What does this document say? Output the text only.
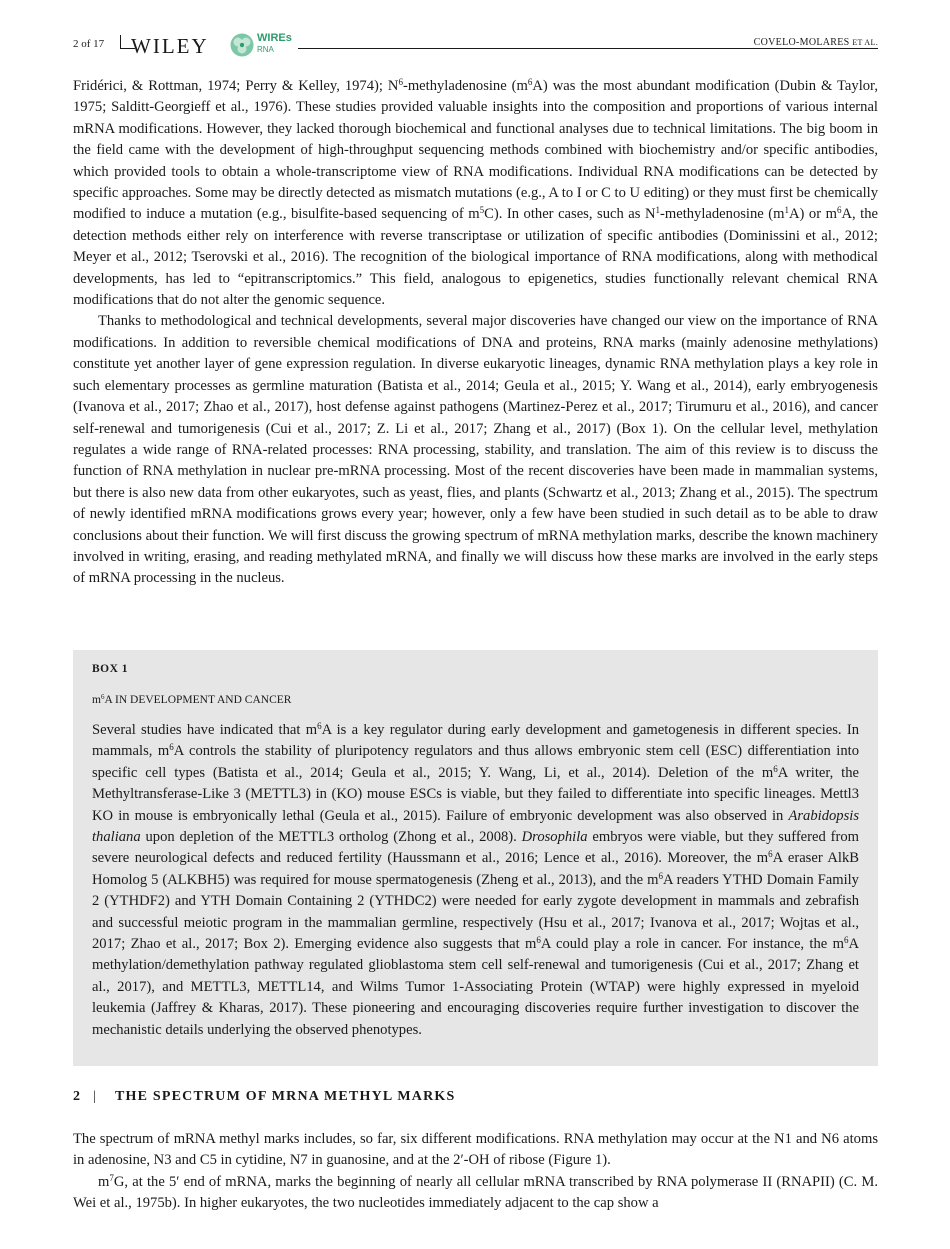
2 of 17 WILEY	WIREs
RNA
COVELO-MOLARES ET AL.

Fridérici, & Rottman, 1974; Perry & Kelley, 1974); $N^6$-methyladenosine $(m^6A)$ was the most abundant modification (Dubin & Taylor, 1975; Salditt-Georgieff et al., 1976). These studies provided valuable insights into the composition and proportions of various internal mRNA modifications. However, they lacked thorough biochemical and functional analyses due to technical limitations. The big boom in the field came with the development of high-throughput sequencing methods combined with biochemistry and/or specific antibodies, which provided tools to obtain a whole-transcriptome view of RNA modifications. Individual RNA modifications can be detected by specific approaches. Some may be directly detected as mismatch mutations (e.g., A to I or C to U editing) or they must first be chemically modified to induce a mutation (e.g., bisulfite-based sequencing of $m^5C$). In other cases, such as $N^1$-methyladenosine $(m^1A)$ or $m^6A$, the detection methods either rely on interference with reverse transcriptase or utilization of specific antibodies (Dominissini et al., 2012; Meyer et al., 2012; Tserovski et al., 2016). The recognition of the biological importance of RNA modifications, along with methodical developments, has led to “epitranscriptomics.” This field, analogous to epigenetics, studies functionally relevant chemical RNA modifications that do not alter the genomic sequence.

Thanks to methodological and technical developments, several major discoveries have changed our view on the importance of RNA modifications. In addition to reversible chemical modifications of DNA and proteins, RNA marks (mainly adenosine methylations) constitute yet another layer of gene expression regulation. In diverse eukaryotic lineages, dynamic RNA methylation plays a key role in such elementary processes as germline maturation (Batista et al., 2014; Geula et al., 2015; Y. Wang et al., 2014), early embryogenesis (Ivanova et al., 2017; Zhao et al., 2017), host defense against pathogens (Martinez-Perez et al., 2017; Tirumuru et al., 2016), and cancer self-renewal and tumorigenesis (Cui et al., 2017; Z. Li et al., 2017; Zhang et al., 2017) (Box 1). On the cellular level, methylation regulates a wide range of RNA-related processes: RNA processing, stability, and translation. The aim of this review is to discuss the function of RNA methylation in nuclear pre-mRNA processing. Most of the recent discoveries have been made in mammalian systems, but there is also new data from other eukaryotes, such as yeast, flies, and plants (Schwartz et al., 2013; Zhang et al., 2015). The spectrum of newly identified mRNA modifications grows every year; however, only a few have been studied in such detail as to be able to draw conclusions about their function. We will first discuss the growing spectrum of mRNA methylation marks, describe the known machinery involved in writing, erasing, and reading methylated mRNA, and finally we will discuss how these marks are involved in the early steps of mRNA processing in the nucleus.

BOX 1
$m^6A$ IN DEVELOPMENT AND CANCER

Several studies have indicated that $m^6A$ is a key regulator during early development and gametogenesis in different species. In mammals, $m^6A$ controls the stability of pluripotency regulators and thus allows embryonic stem cell (ESC) differentiation into specific cell types (Batista et al., 2014; Geula et al., 2015; Y. Wang, Li, et al., 2014). Deletion of the $m^6A$ writer, the Methyltransferase-Like 3 (METTL3) in (KO) mouse ESCs is viable, but they failed to differentiate into specific lineages. Mettl3 KO in mouse is embryonically lethal (Geula et al., 2015). Failure of embryonic development was also observed in Arabidopsis thaliana upon depletion of the METTL3 ortholog (Zhong et al., 2008). Drosophila embryos were viable, but they suffered from severe neurological defects and reduced fertility (Haussmann et al., 2016; Lence et al., 2016). Moreover, the $m^6A$ eraser AlkB Homolog 5 (ALKBH5) was required for mouse spermatogenesis (Zheng et al., 2013), and the $m^6A$ readers YTHD Domain Family 2 (YTHDF2) and YTH Domain Containing 2 (YTHDC2) were needed for early zygote development in mammals and zebrafish and successful meiotic program in the mammalian germline, respectively (Hsu et al., 2017; Ivanova et al., 2017; Wojtas et al., 2017; Zhao et al., 2017; Box 2). Emerging evidence also suggests that $m^6A$ could play a role in cancer. For instance, the $m^6A$ methylation/demethylation pathway regulated glioblastoma stem cell self-renewal and tumorigenesis (Cui et al., 2017; Zhang et al., 2017), and METTL3, METTL14, and Wilms Tumor 1-Associating Protein (WTAP) were highly expressed in myeloid leukemia (Jaffrey & Kharas, 2017). These pioneering and encouraging discoveries require further investigation to discover the mechanistic details underlying the observed phenotypes.

2 | THE SPECTRUM OF MRNA METHYL MARKS

The spectrum of mRNA methyl marks includes, so far, six different modifications. RNA methylation may occur at the N1 and N6 atoms in adenosine, N3 and C5 in cytidine, N7 in guanosine, and at the 2′-OH of ribose (Figure 1).

$m^7G$, at the 5′ end of mRNA, marks the beginning of nearly all cellular mRNA transcribed by RNA polymerase II (RNAPII) (C. M. Wei et al., 1975b). In higher eukaryotes, the two nucleotides immediately adjacent to the cap show a
